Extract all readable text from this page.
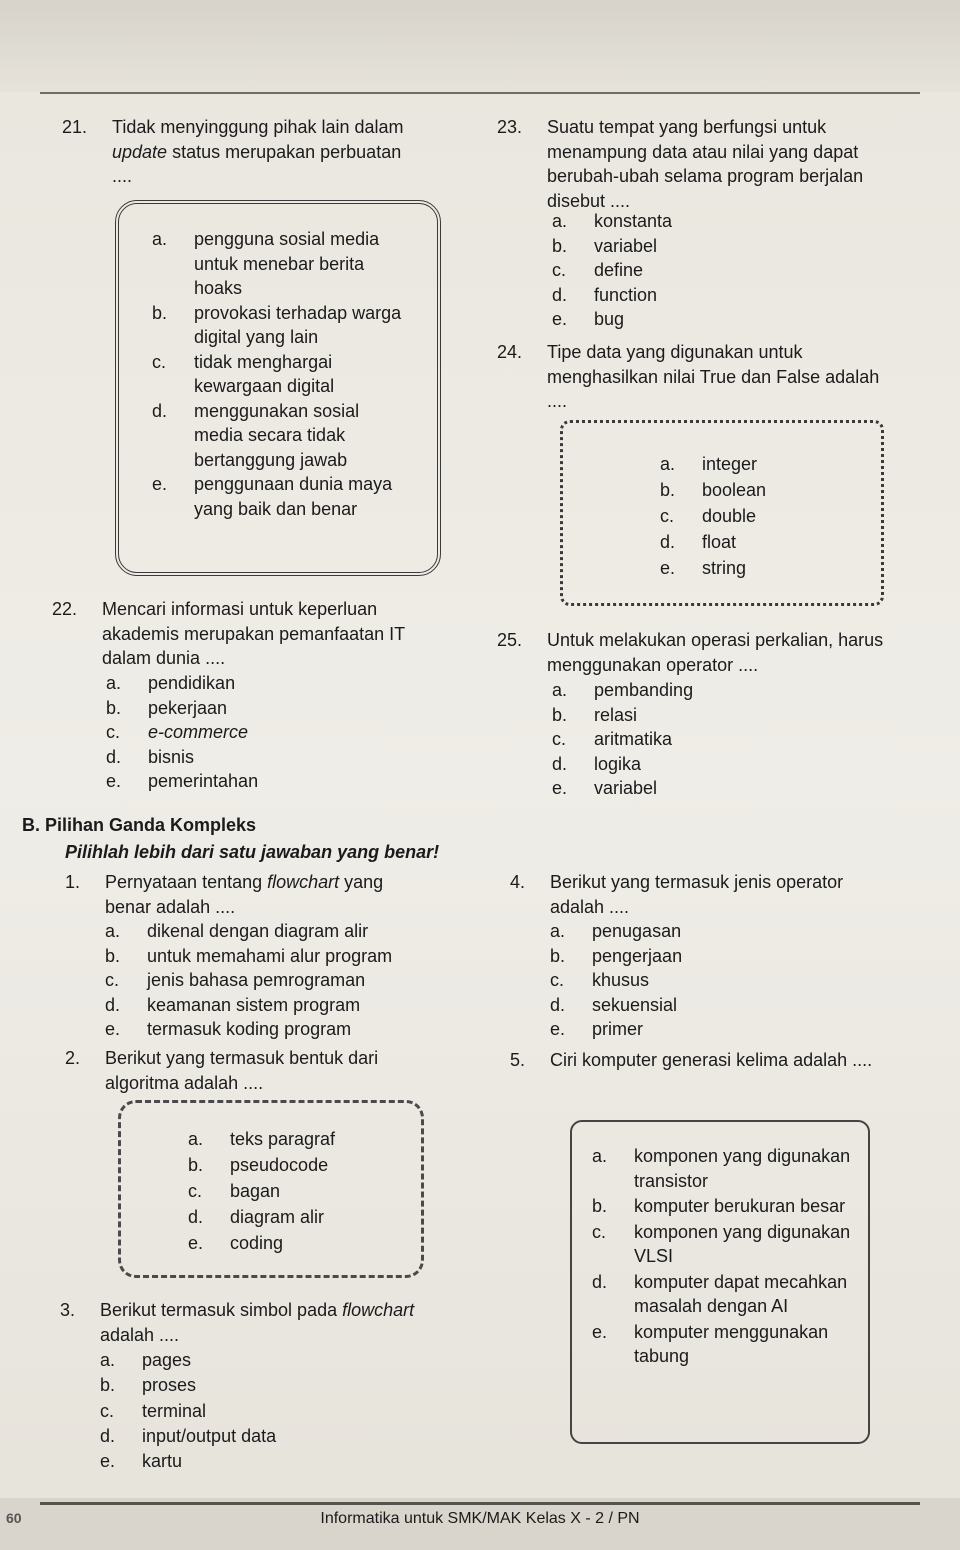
21. Tidak menyinggung pihak lain dalam
update status merupakan perbuatan
....
a.	pengguna sosial media untuk menebar berita hoaks
b.	provokasi terhadap warga digital yang lain
c.	tidak menghargai kewargaan digital
d.	menggunakan sosial media secara tidak bertanggung jawab
e.	penggunaan dunia maya yang baik dan benar
22. Mencari informasi untuk keperluan akademis merupakan pemanfaatan IT dalam dunia ....
a.	pendidikan
b.	pekerjaan
c.	e-commerce
d.	bisnis
e.	pemerintahan
23. Suatu tempat yang berfungsi untuk menampung data atau nilai yang dapat berubah-ubah selama program berjalan disebut ....
a.	konstanta
b.	variabel
c.	define
d.	function
e.	bug
24. Tipe data yang digunakan untuk menghasilkan nilai True dan False adalah ....
a.	integer
b.	boolean
c.	double
d.	float
e.	string
25. Untuk melakukan operasi perkalian, harus menggunakan operator ....
a.	pembanding
b.	relasi
c.	aritmatika
d.	logika
e.	variabel
B. Pilihan Ganda Kompleks
Pilihlah lebih dari satu jawaban yang benar!
1. Pernyataan tentang flowchart yang
benar adalah ....
a.	dikenal dengan diagram alir
b.	untuk memahami alur program
c.	jenis bahasa pemrograman
d.	keamanan sistem program
e.	termasuk koding program
2. Berikut yang termasuk bentuk dari algoritma adalah ....
a.	teks paragraf
b.	pseudocode
c.	bagan
d.	diagram alir
e.	coding
3. Berikut termasuk simbol pada flowchart
adalah ....
a.	pages
b.	proses
c.	terminal
d.	input/output data
e.	kartu
4. Berikut yang termasuk jenis operator adalah ....
a.	penugasan
b.	pengerjaan
c.	khusus
d.	sekuensial
e.	primer
5. Ciri komputer generasi kelima adalah ....
a.	komponen yang digunakan transistor
b.	komputer berukuran besar
c.	komponen yang digunakan VLSI
d.	komputer dapat mecahkan masalah dengan AI
e.	komputer menggunakan tabung
60	Informatika untuk SMK/MAK Kelas X - 2 / PN
